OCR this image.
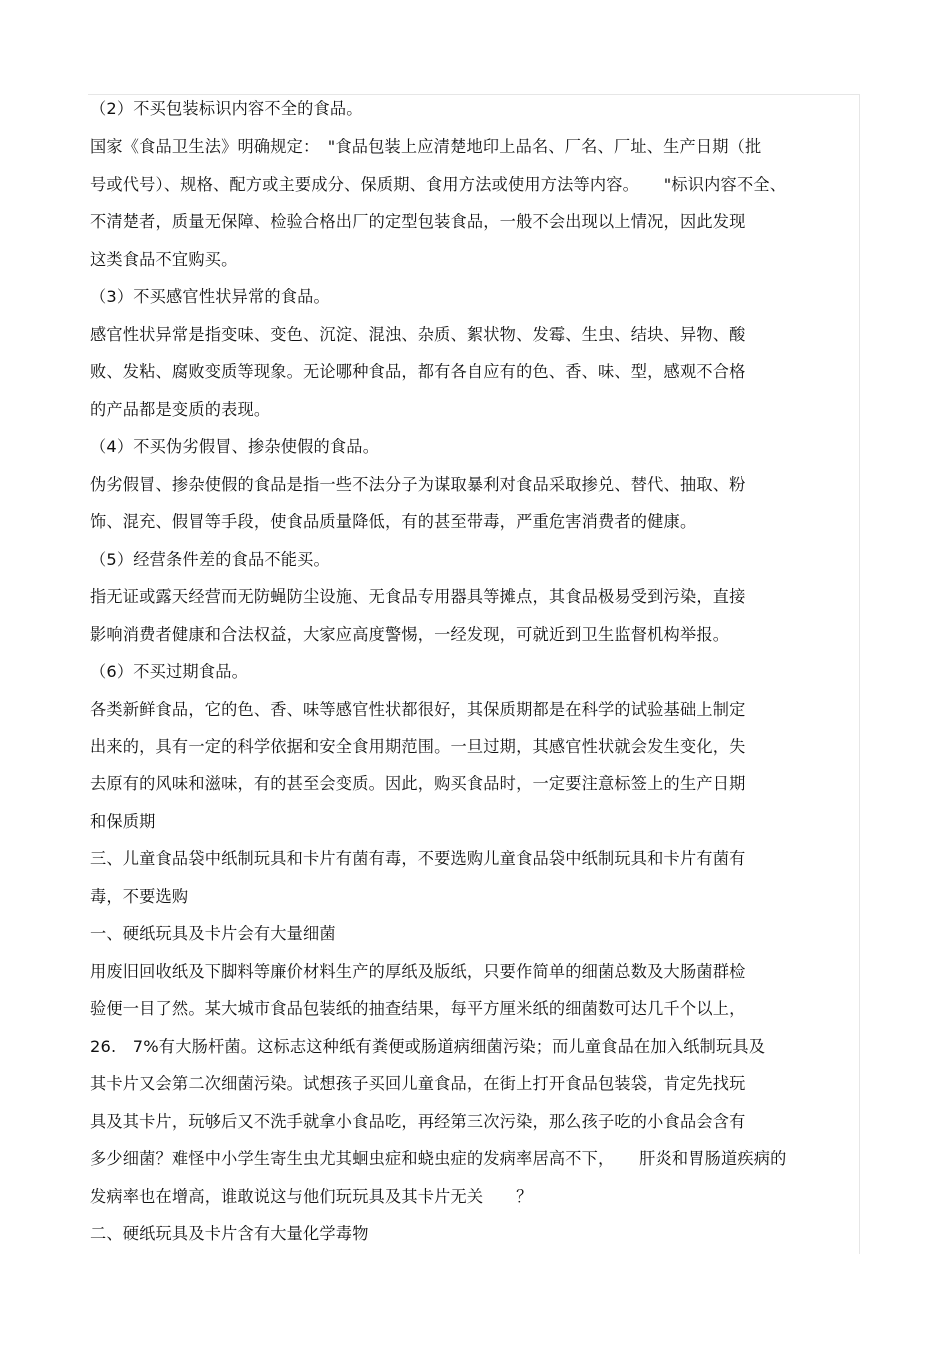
（2）不买包装标识内容不全的食品。
国家《食品卫生法》明确规定：　"食品包装上应清楚地印上品名、厂名、厂址、生产日期（批
号或代号）、规格、配方或主要成分、保质期、食用方法或使用方法等内容。　　"标识内容不全、
不清楚者，质量无保障、检验合格出厂的定型包装食品，一般不会出现以上情况，因此发现
这类食品不宜购买。
（3）不买感官性状异常的食品。
感官性状异常是指变味、变色、沉淀、混浊、杂质、絮状物、发霉、生虫、结块、异物、酸
败、发粘、腐败变质等现象。无论哪种食品，都有各自应有的色、香、味、型，感观不合格
的产品都是变质的表现。
（4）不买伪劣假冒、掺杂使假的食品。
伪劣假冒、掺杂使假的食品是指一些不法分子为谋取暴利对食品采取掺兑、替代、抽取、粉
饰、混充、假冒等手段，使食品质量降低，有的甚至带毒，严重危害消费者的健康。
（5）经营条件差的食品不能买。
指无证或露天经营而无防蝇防尘设施、无食品专用器具等摊点，其食品极易受到污染，直接
影响消费者健康和合法权益，大家应高度警惕，一经发现，可就近到卫生监督机构举报。
（6）不买过期食品。
各类新鲜食品，它的色、香、味等感官性状都很好，其保质期都是在科学的试验基础上制定
出来的，具有一定的科学依据和安全食用期范围。一旦过期，其感官性状就会发生变化，失
去原有的风味和滋味，有的甚至会变质。因此，购买食品时，一定要注意标签上的生产日期
和保质期
三、儿童食品袋中纸制玩具和卡片有菌有毒，不要选购儿童食品袋中纸制玩具和卡片有菌有
毒，不要选购
一、硬纸玩具及卡片会有大量细菌
用废旧回收纸及下脚料等廉价材料生产的厚纸及版纸，只要作简单的细菌总数及大肠菌群检
验便一目了然。某大城市食品包装纸的抽查结果，每平方厘米纸的细菌数可达几千个以上，
26.　7%有大肠杆菌。这标志这种纸有粪便或肠道病细菌污染；而儿童食品在加入纸制玩具及
其卡片又会第二次细菌污染。试想孩子买回儿童食品，在街上打开食品包装袋，肯定先找玩
具及其卡片，玩够后又不洗手就拿小食品吃，再经第三次污染，那么孩子吃的小食品会含有
多少细菌？难怪中小学生寄生虫尤其蛔虫症和蛲虫症的发病率居高不下，　　肝炎和胃肠道疾病的
发病率也在增高，谁敢说这与他们玩玩具及其卡片无关　　？
二、硬纸玩具及卡片含有大量化学毒物
